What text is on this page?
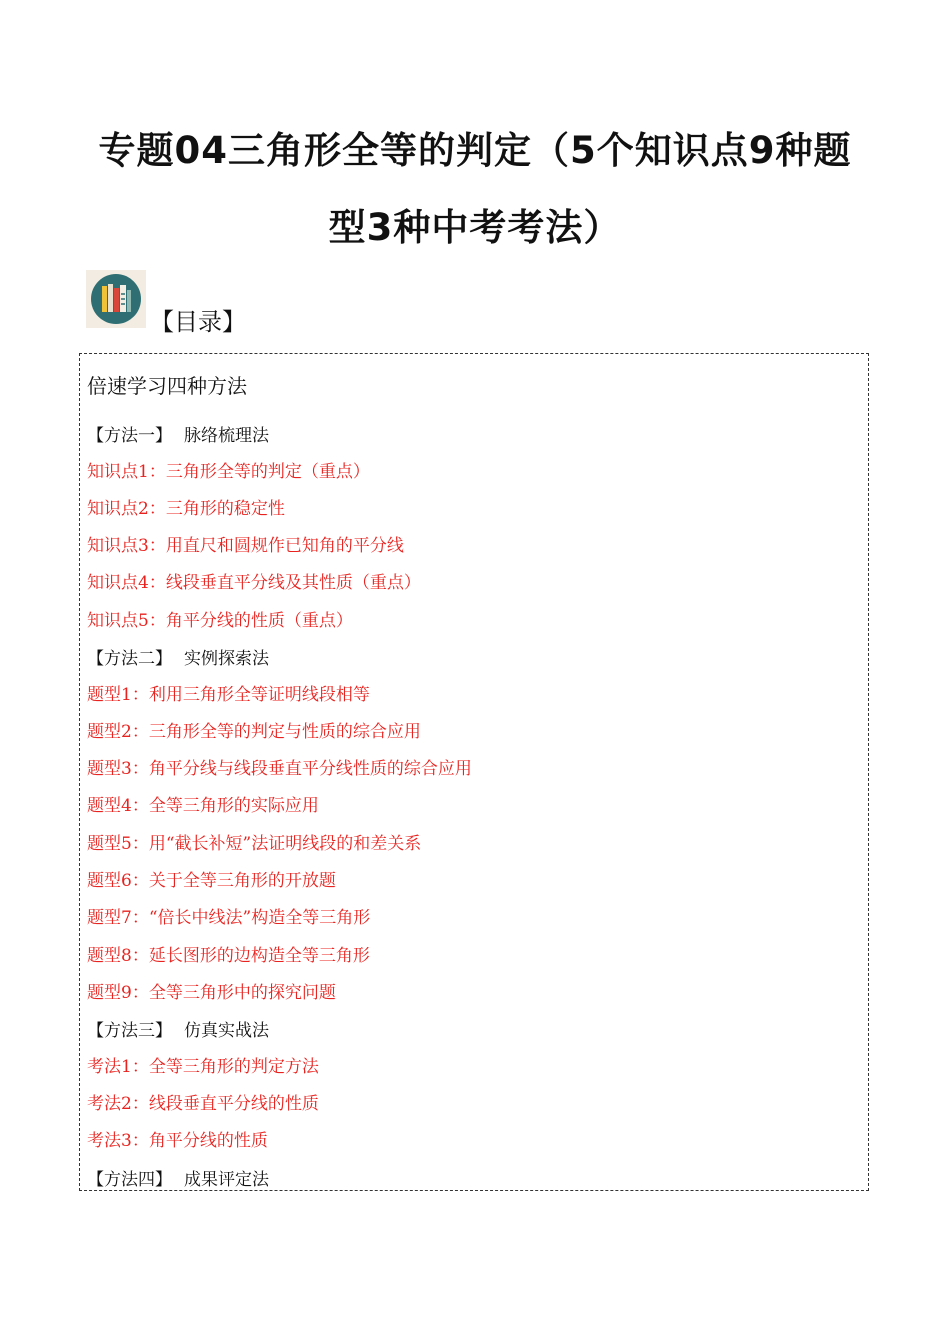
专题04三角形全等的判定（5个知识点9种题
型3种中考考法）
【目录】
倍速学习四种方法
【方法一】 脉络梳理法
知识点1：三角形全等的判定（重点）
知识点2：三角形的稳定性
知识点3：用直尺和圆规作已知角的平分线
知识点4：线段垂直平分线及其性质（重点）
知识点5：角平分线的性质（重点）
【方法二】 实例探索法
题型1：利用三角形全等证明线段相等
题型2：三角形全等的判定与性质的综合应用
题型3：角平分线与线段垂直平分线性质的综合应用
题型4：全等三角形的实际应用
题型5：用“截长补短”法证明线段的和差关系
题型6：关于全等三角形的开放题
题型7：“倍长中线法”构造全等三角形
题型8：延长图形的边构造全等三角形
题型9：全等三角形中的探究问题
【方法三】 仿真实战法
考法1：全等三角形的判定方法
考法2：线段垂直平分线的性质
考法3：角平分线的性质
【方法四】 成果评定法
